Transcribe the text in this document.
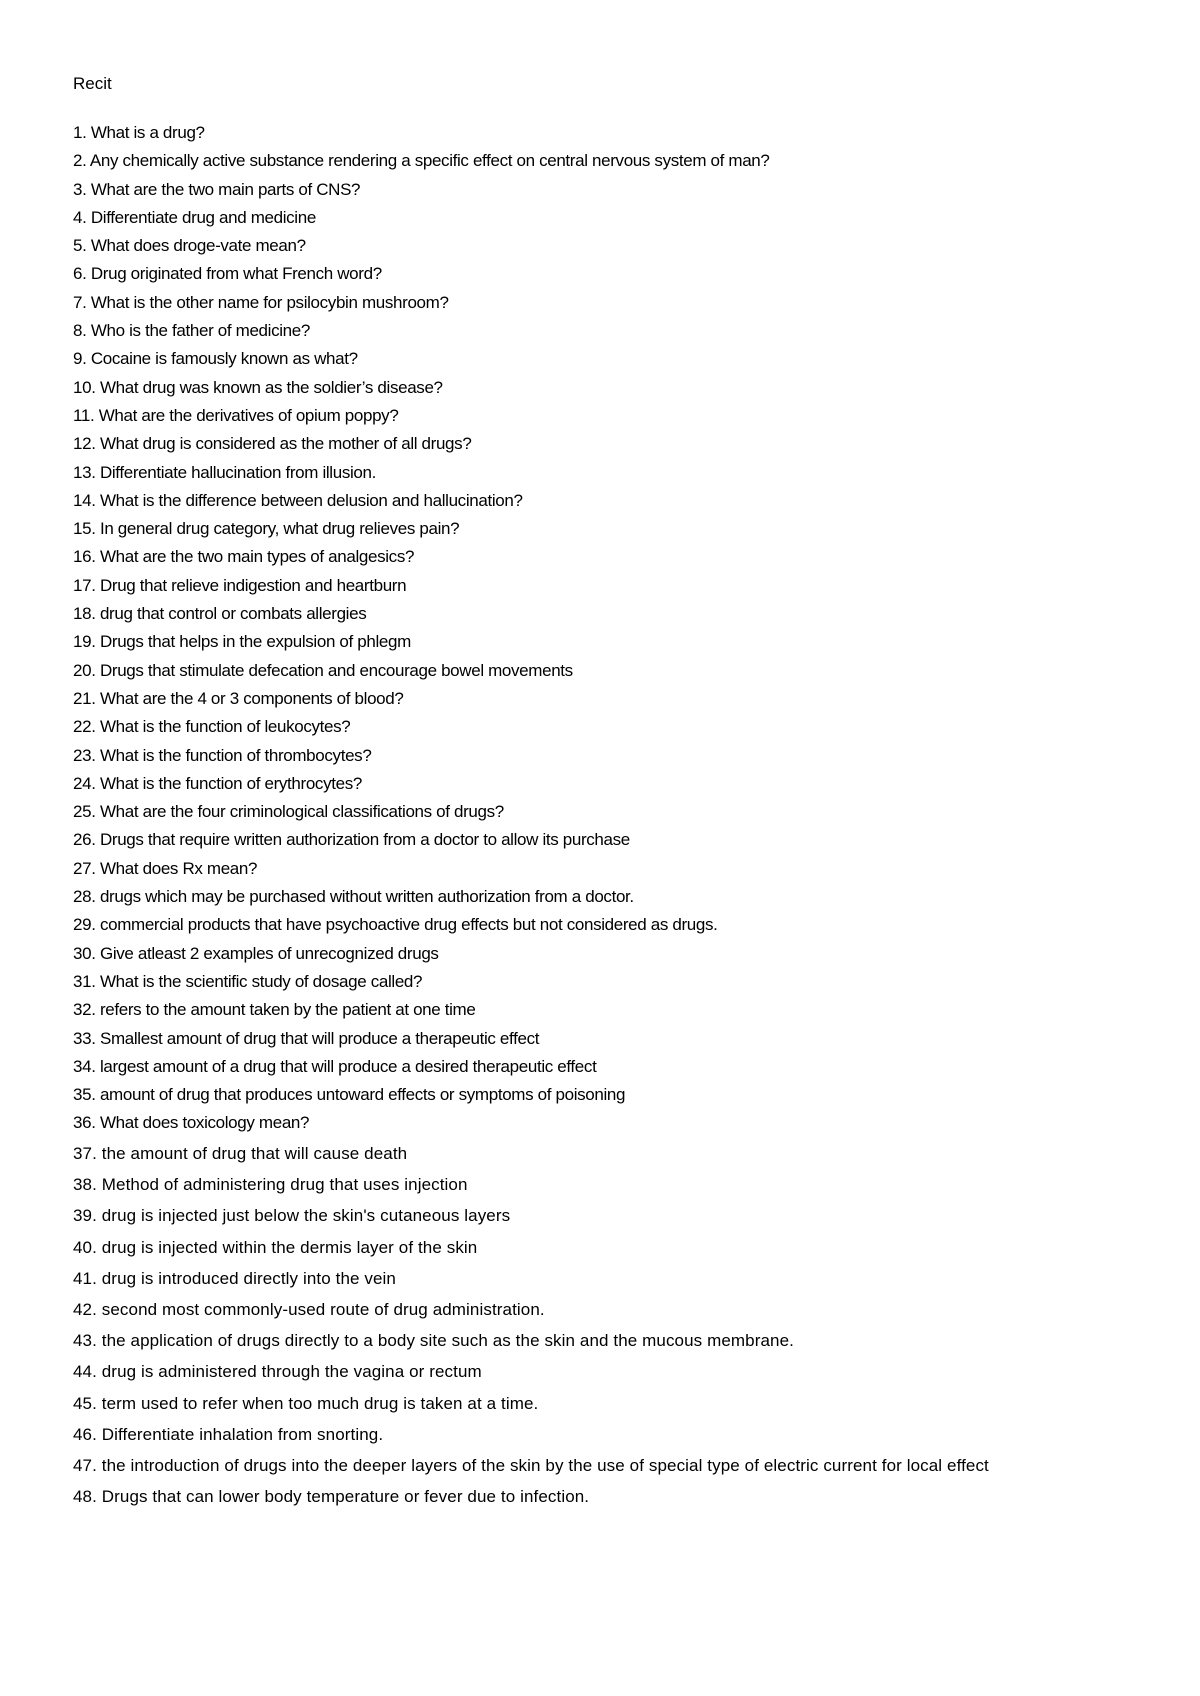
Recit
1. What is a drug?
2. Any chemically active substance rendering a specific effect on central nervous system of man?
3. What are the two main parts of CNS?
4. Differentiate drug and medicine
5. What does droge-vate mean?
6. Drug originated from what French word?
7. What is the other name for psilocybin mushroom?
8. Who is the father of medicine?
9. Cocaine is famously known as what?
10. What drug was known as the soldier’s disease?
11. What are the derivatives of opium poppy?
12. What drug is considered as the mother of all drugs?
13. Differentiate hallucination from illusion.
14. What is the difference between delusion and hallucination?
15. In general drug category, what drug relieves pain?
16. What are the two main types of analgesics?
17. Drug that relieve indigestion and heartburn
18. drug that control or combats allergies
19. Drugs that helps in the expulsion of phlegm
20. Drugs that stimulate defecation and encourage bowel movements
21. What are the 4 or 3 components of blood?
22. What is the function of leukocytes?
23. What is the function of thrombocytes?
24. What is the function of erythrocytes?
25. What are the four criminological classifications of drugs?
26. Drugs that require written authorization from a doctor to allow its purchase
27. What does Rx mean?
28. drugs which may be purchased without written authorization from a doctor.
29. commercial products that have psychoactive drug effects but not considered as drugs.
30. Give atleast 2 examples of unrecognized drugs
31. What is the scientific study of dosage called?
32. refers to the amount taken by the patient at one time
33. Smallest amount of drug that will produce a therapeutic effect
34. largest amount of a drug that will produce a desired therapeutic effect
35. amount of drug that produces untoward effects or symptoms of poisoning
36. What does toxicology mean?
37. the amount of drug that will cause death
38. Method of administering drug that uses injection
39. drug is injected just below the skin's cutaneous layers
40. drug is injected within the dermis layer of the skin
41. drug is introduced directly into the vein
42. second most commonly-used route of drug administration.
43. the application of drugs directly to a body site such as the skin and the mucous membrane.
44. drug is administered through the vagina or rectum
45. term used to refer when too much drug is taken at a time.
46. Differentiate inhalation from snorting.
47. the introduction of drugs into the deeper layers of the skin by the use of special type of electric current for local effect
48. Drugs that can lower body temperature or fever due to infection.
